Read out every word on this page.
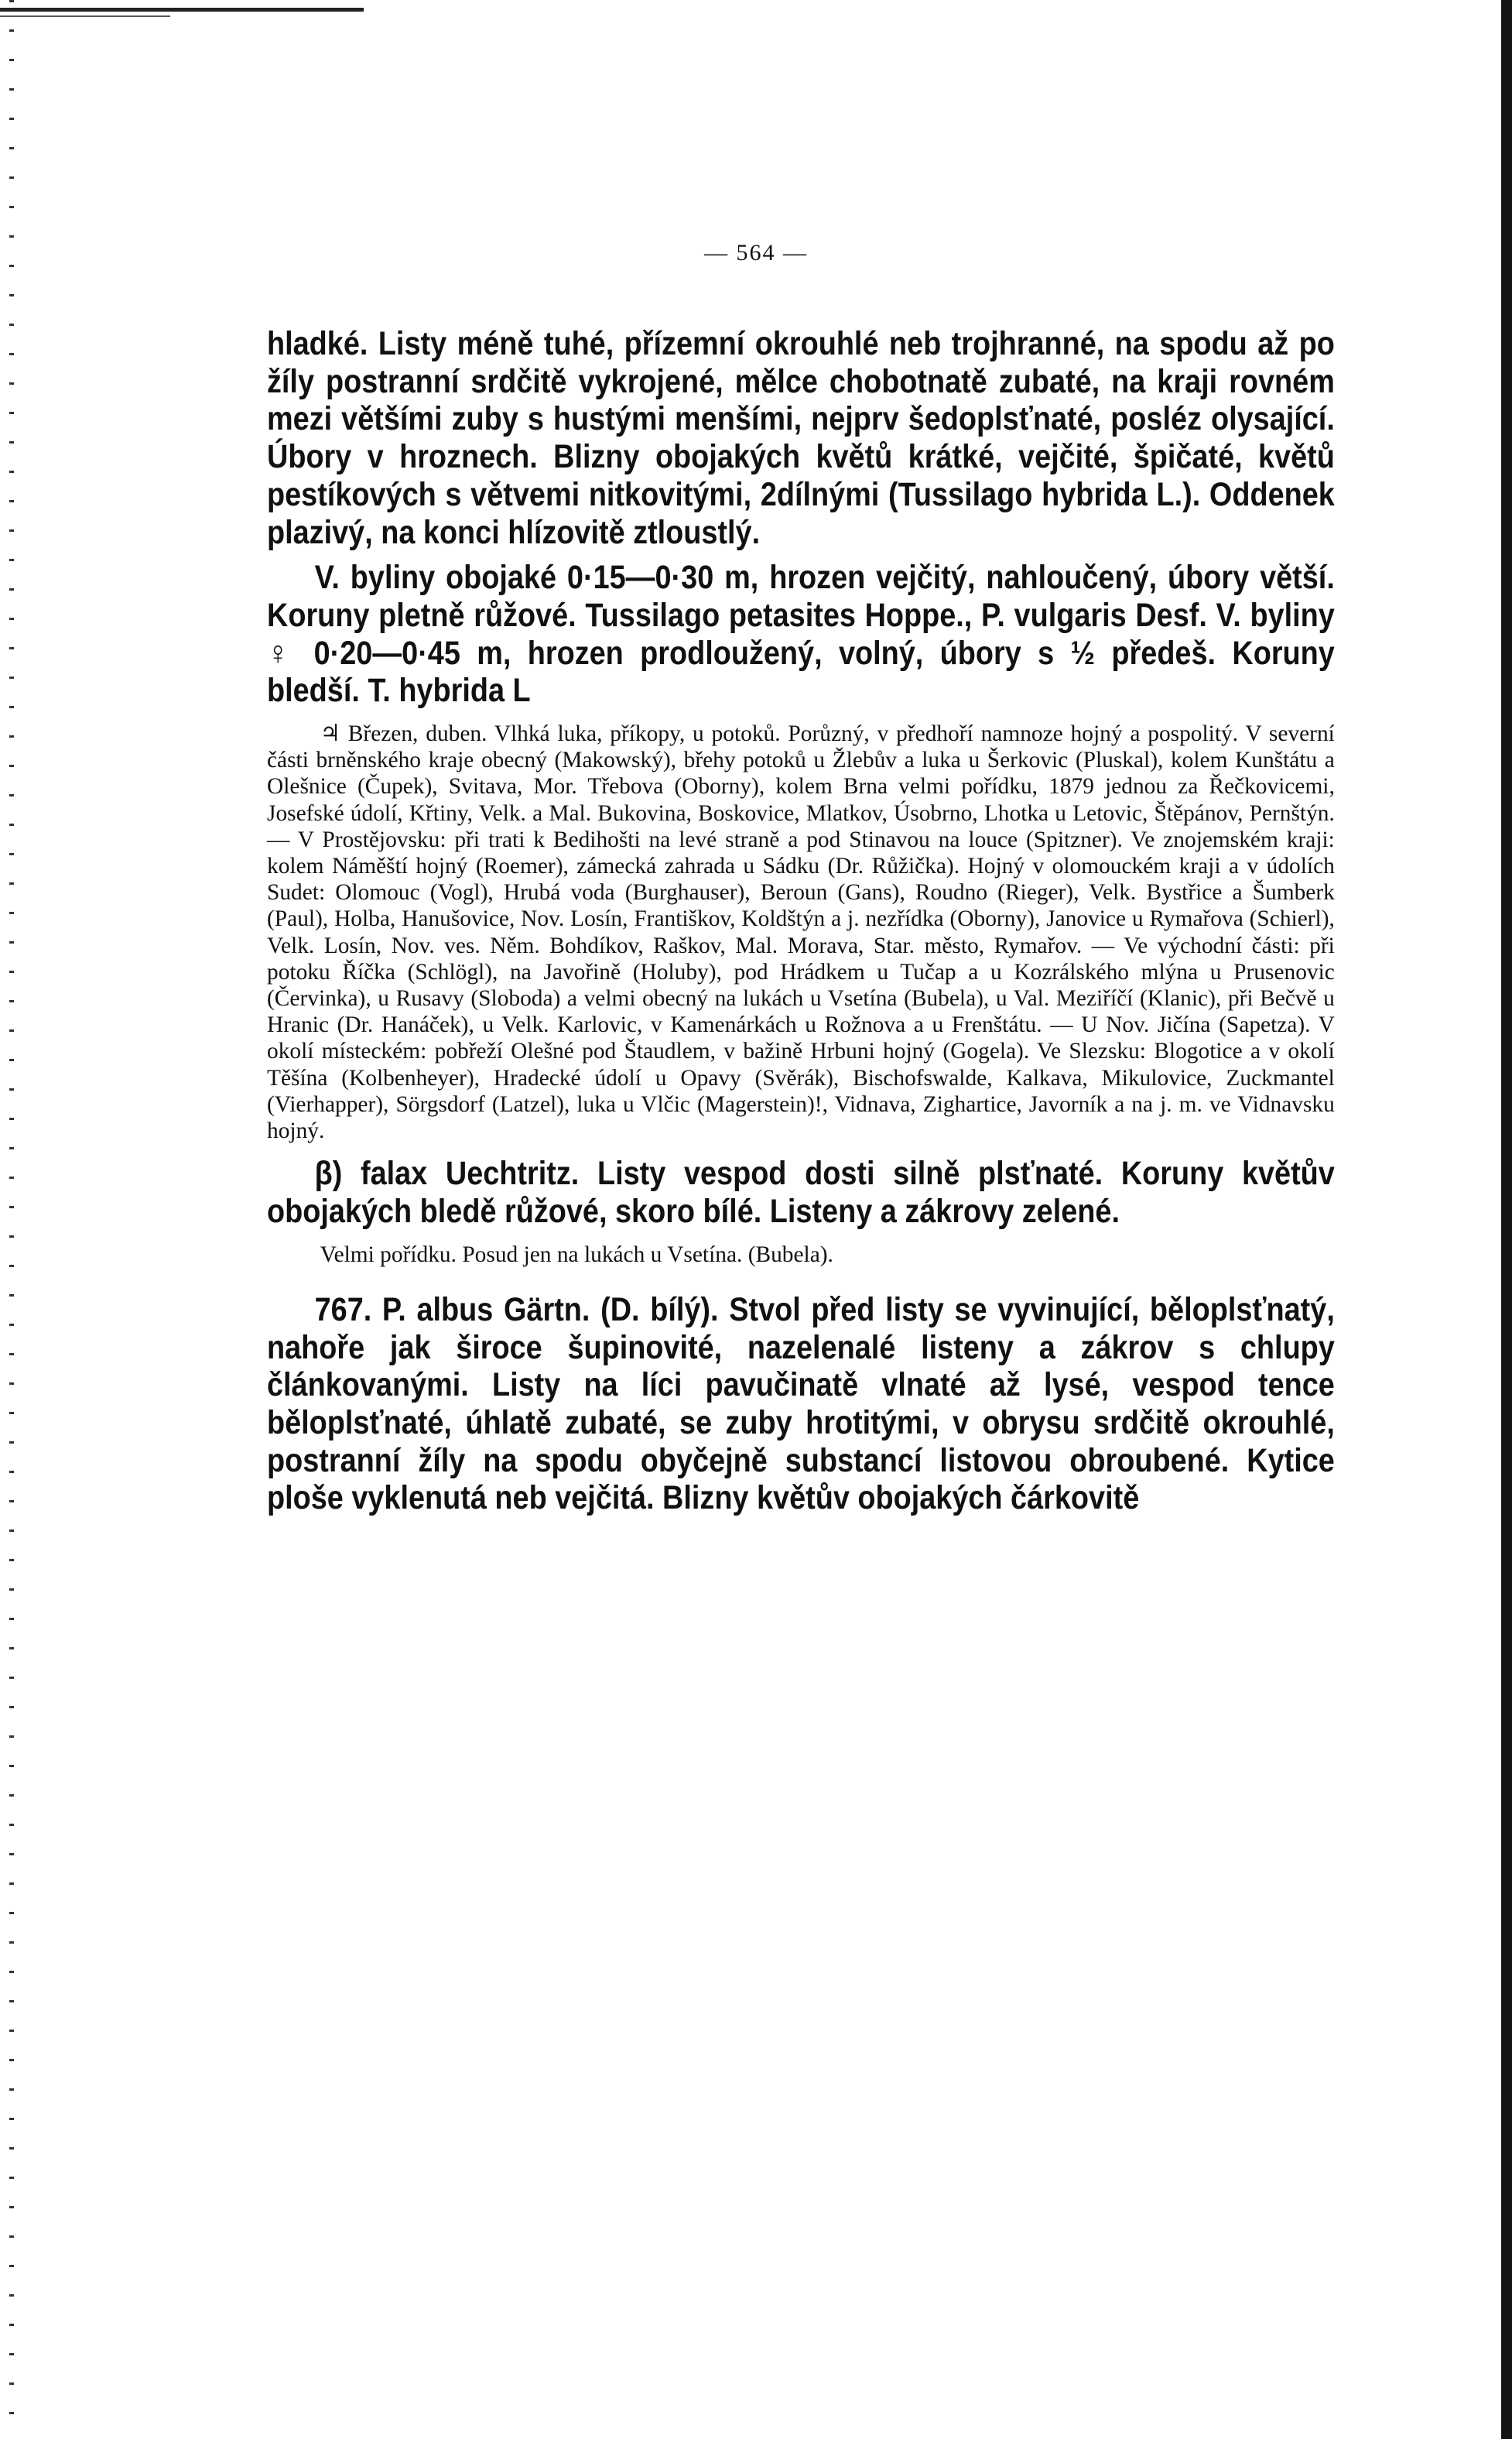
— 564 —

hladké. Listy méně tuhé, přízemní okrouhlé neb trojhranné, na spodu až po žíly postranní srdčitě vykrojené, mělce chobotnatě zubaté, na kraji rovném mezi většími zuby s hustými menšími, nejprv šedoplsťnaté, posléz olysající. Úbory v hroznech. Blizny obojakých květů krátké, vejčité, špičaté, květů pestíkových s větvemi nitkovitými, 2dílnými (Tussilago hybrida L.). Oddenek plazivý, na konci hlízovitě ztloustlý.

V. byliny obojaké 0·15—0·30 m, hrozen vejčitý, nahloučený, úbory větší. Koruny pletně růžové. Tussilago petasites Hoppe., P. vulgaris Desf. V. byliny ♀ 0·20—0·45 m, hrozen prodloužený, volný, úbory s ½ předeš. Koruny bledší. T. hybrida L

♃ Březen, duben. Vlhká luka, příkopy, u potoků. Porůzný, v předhoří namnoze hojný a pospolitý. V severní části brněnského kraje obecný (Makowský), břehy potoků u Žlebův a luka u Šerkovic (Pluskal), kolem Kunštátu a Olešnice (Čupek), Svitava, Mor. Třebova (Oborny), kolem Brna velmi pořídku, 1879 jednou za Řečkovicemi, Josefské údolí, Křtiny, Velk. a Mal. Bukovina, Boskovice, Mlatkov, Úsobrno, Lhotka u Letovic, Štěpánov, Pernštýn. — V Prostějovsku: při trati k Bedihošti na levé straně a pod Stinavou na louce (Spitzner). Ve znojemském kraji: kolem Náměští hojný (Roemer), zámecká zahrada u Sádku (Dr. Růžička). Hojný v olomouckém kraji a v údolích Sudet: Olomouc (Vogl), Hrubá voda (Burghauser), Beroun (Gans), Roudno (Rieger), Velk. Bystřice a Šumberk (Paul), Holba, Hanušovice, Nov. Losín, Františkov, Koldštýn a j. nezřídka (Oborny), Janovice u Rymařova (Schierl), Velk. Losín, Nov. ves. Něm. Bohdíkov, Raškov, Mal. Morava, Star. město, Rymařov. — Ve východní části: při potoku Říčka (Schlögl), na Javořině (Holuby), pod Hrádkem u Tučap a u Kozrálského mlýna u Prusenovic (Červinka), u Rusavy (Sloboda) a velmi obecný na lukách u Vsetína (Bubela), u Val. Meziříčí (Klanic), při Bečvě u Hranic (Dr. Hanáček), u Velk. Karlovic, v Kamenárkách u Rožnova a u Frenštátu. — U Nov. Jičína (Sapetza). V okolí místeckém: pobřeží Olešné pod Štaudlem, v bažině Hrbuni hojný (Gogela). Ve Slezsku: Blogotice a v okolí Těšína (Kolbenheyer), Hradecké údolí u Opavy (Svěrák), Bischofswalde, Kalkava, Mikulovice, Zuckmantel (Vierhapper), Sörgsdorf (Latzel), luka u Vlčic (Magerstein)!, Vidnava, Zighartice, Javorník a na j. m. ve Vidnavsku hojný.

β) falax Uechtritz. Listy vespod dosti silně plsťnaté. Koruny květův obojakých bledě růžové, skoro bílé. Listeny a zákrovy zelené.

Velmi pořídku. Posud jen na lukách u Vsetína. (Bubela).

767. P. albus Gärtn. (D. bílý). Stvol před listy se vyvinující, běloplsťnatý, nahoře jak široce šupinovité, nazelenalé listeny a zákrov s chlupy článkovanými. Listy na líci pavučinatě vlnaté až lysé, vespod tence běloplsťnaté, úhlatě zubaté, se zuby hrotitými, v obrysu srdčitě okrouhlé, postranní žíly na spodu obyčejně substancí listovou obroubené. Kytice ploše vyklenutá neb vejčitá. Blizny květův obojakých čárkovitě
